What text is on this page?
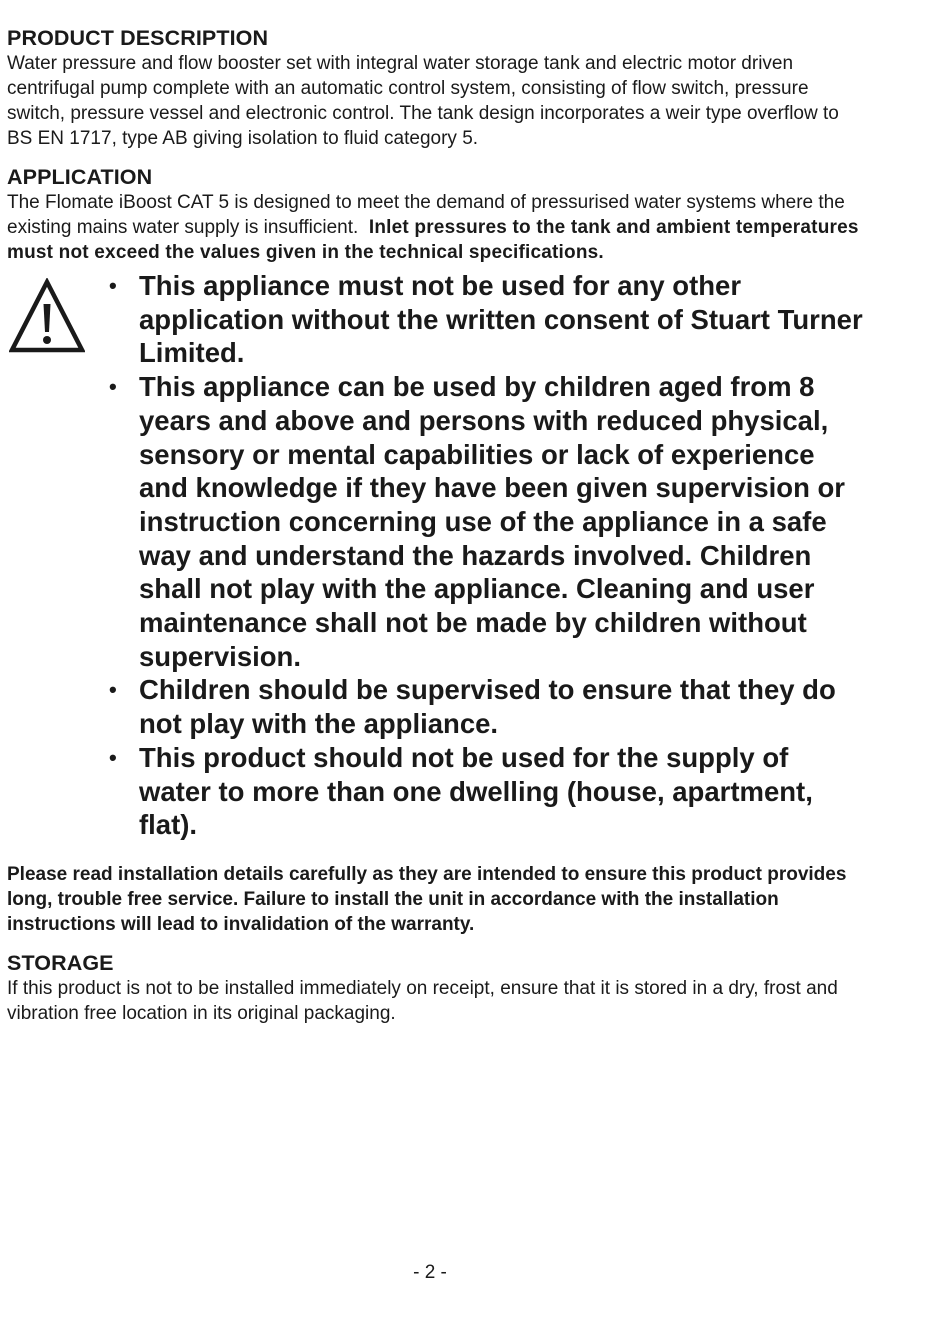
PRODUCT DESCRIPTION

Water pressure and flow booster set with integral water storage tank and electric motor driven centrifugal pump complete with an automatic control system, consisting of flow switch, pressure switch, pressure vessel and electronic control. The tank design incorporates a weir type overflow to BS EN 1717, type AB giving isolation to fluid category 5.

APPLICATION

The Flomate iBoost CAT 5 is designed to meet the demand of pressurised water systems where the existing mains water supply is insufficient. Inlet pressures to the tank and ambient temperatures must not exceed the values given in the technical specifications.

• This appliance must not be used for any other application without the written consent of Stuart Turner Limited.
• This appliance can be used by children aged from 8 years and above and persons with reduced physical, sensory or mental capabilities or lack of experience and knowledge if they have been given supervision or instruction concerning use of the appliance in a safe way and understand the hazards involved. Children shall not play with the appliance. Cleaning and user maintenance shall not be made by children without supervision.
• Children should be supervised to ensure that they do not play with the appliance.
• This product should not be used for the supply of water to more than one dwelling (house, apartment, flat).

Please read installation details carefully as they are intended to ensure this product provides long, trouble free service. Failure to install the unit in accordance with the installation instructions will lead to invalidation of the warranty.

STORAGE

If this product is not to be installed immediately on receipt, ensure that it is stored in a dry, frost and vibration free location in its original packaging.

- 2 -
